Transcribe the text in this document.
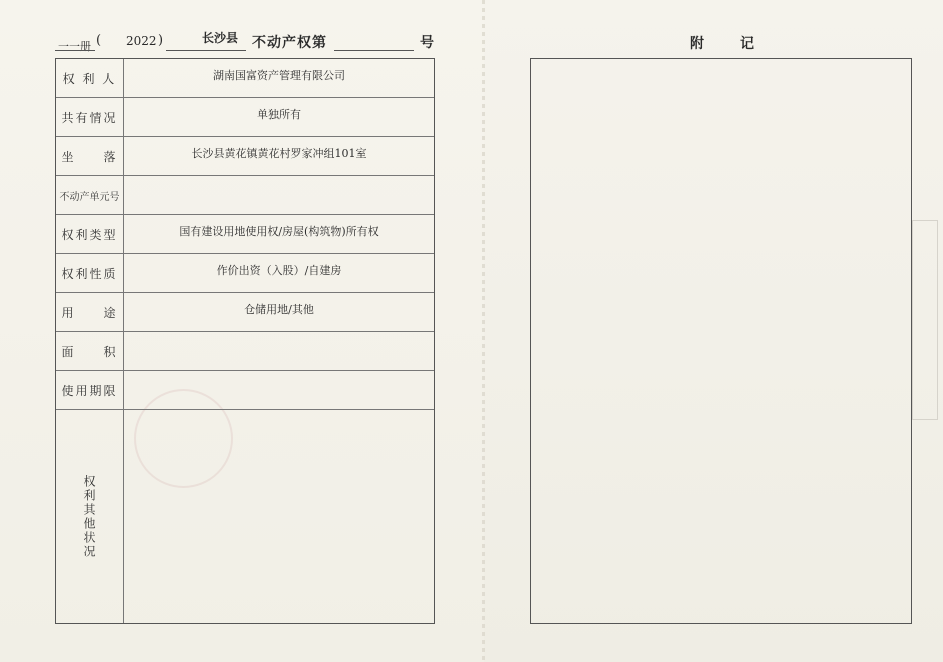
一一册 ( 2022 )	长沙县 不动产权第	号
权 利 人	湖南国富资产管理有限公司
共有情况	单独所有
坐　　落	长沙县黄花镇黄花村罗家冲组101室
不动产单元号
权利类型	国有建设用地使用权/房屋(构筑物)所有权
权利性质	作价出资（入股）/自建房
用　　途	仓储用地/其他
面　　积
使用期限
权利其他状况
附记
